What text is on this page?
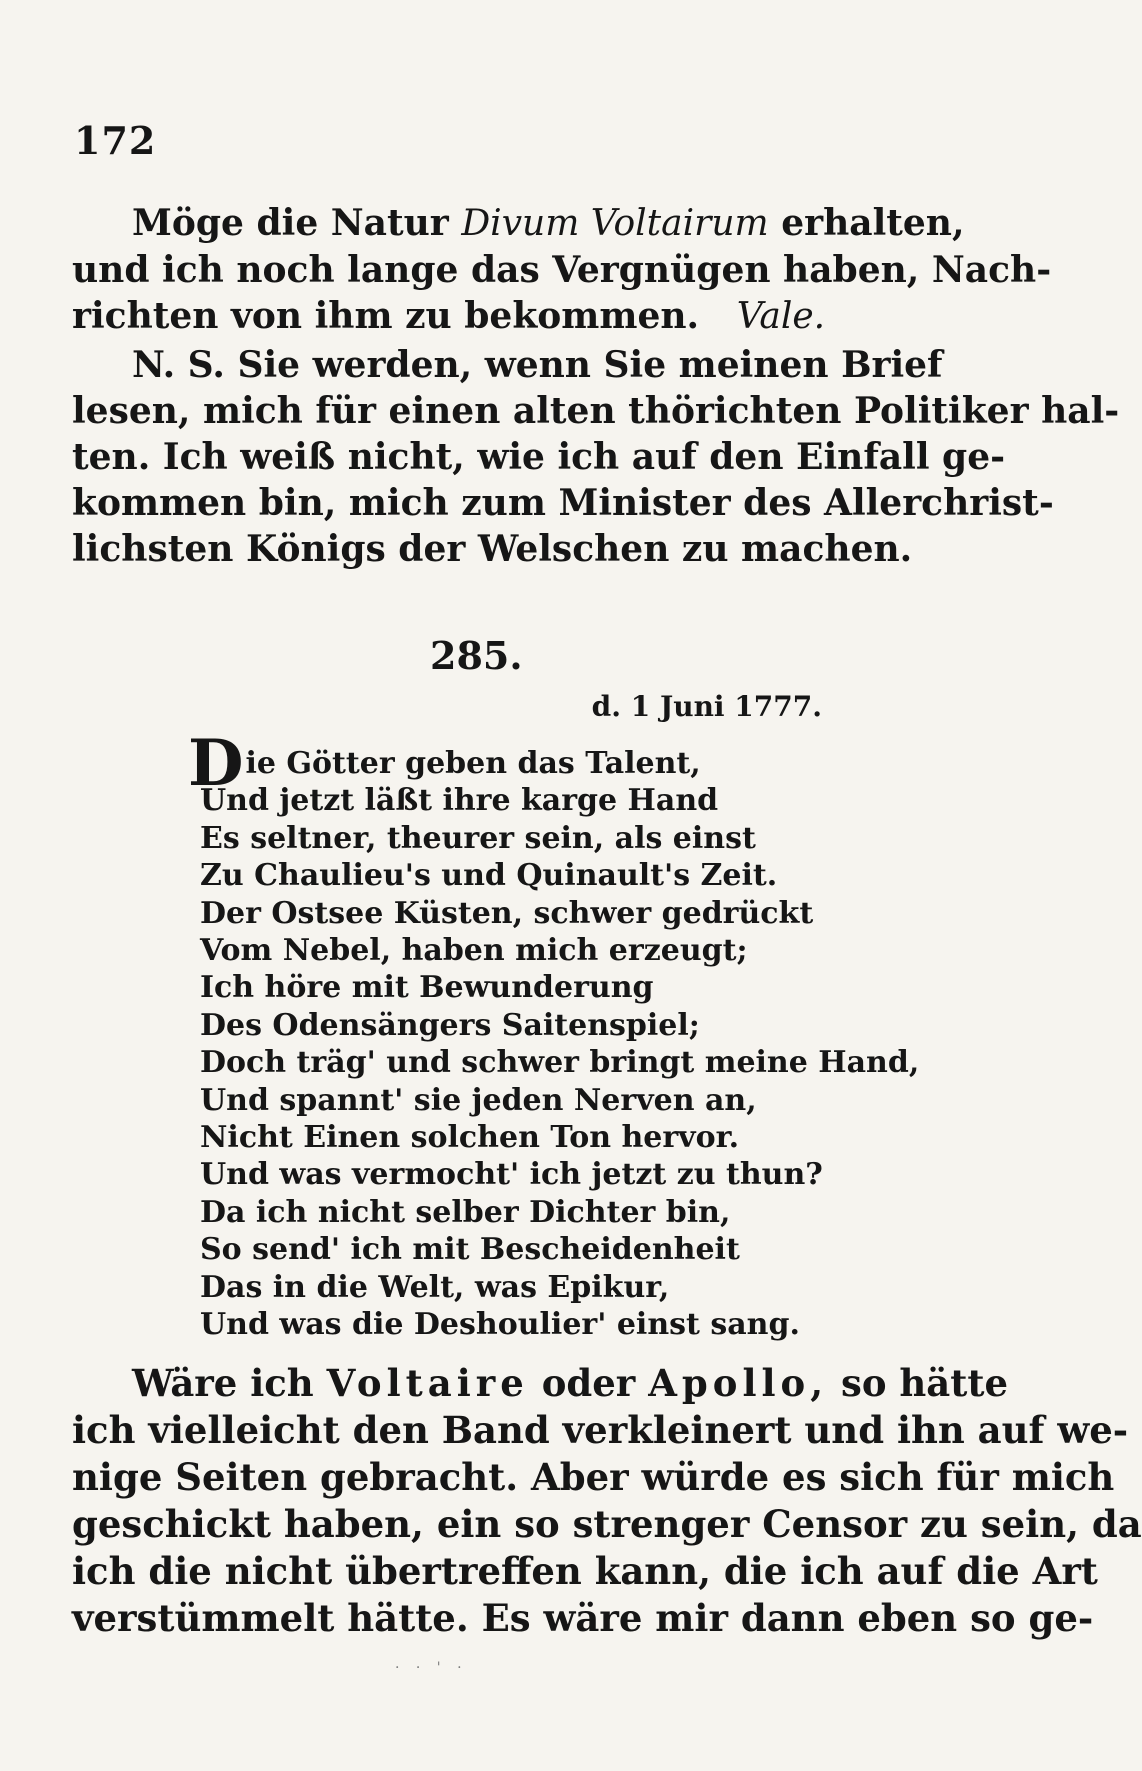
172
Möge die Natur Divum Voltairum erhalten,
und ich noch lange das Vergnügen haben, Nach-
richten von ihm zu bekommen. Vale.
N. S. Sie werden, wenn Sie meinen Brief
lesen, mich für einen alten thörichten Politiker hal-
ten. Ich weiß nicht, wie ich auf den Einfall ge-
kommen bin, mich zum Minister des Allerchrist-
lichsten Königs der Welschen zu machen.
285.
d. 1 Juni 1777.
Die Götter geben das Talent,
Und jetzt läßt ihre karge Hand
Es seltner, theurer sein, als einst
Zu Chaulieu's und Quinault's Zeit.
Der Ostsee Küsten, schwer gedrückt
Vom Nebel, haben mich erzeugt;
Ich höre mit Bewunderung
Des Odensängers Saitenspiel;
Doch träg' und schwer bringt meine Hand,
Und spannt' sie jeden Nerven an,
Nicht Einen solchen Ton hervor.
Und was vermocht' ich jetzt zu thun?
Da ich nicht selber Dichter bin,
So send' ich mit Bescheidenheit
Das in die Welt, was Epikur,
Und was die Deshoulier' einst sang.
Wäre ich Voltaire oder Apollo, so hätte
ich vielleicht den Band verkleinert und ihn auf we-
nige Seiten gebracht. Aber würde es sich für mich
geschickt haben, ein so strenger Censor zu sein, da
ich die nicht übertreffen kann, die ich auf die Art
verstümmelt hätte. Es wäre mir dann eben so ge-
· · ' ·
